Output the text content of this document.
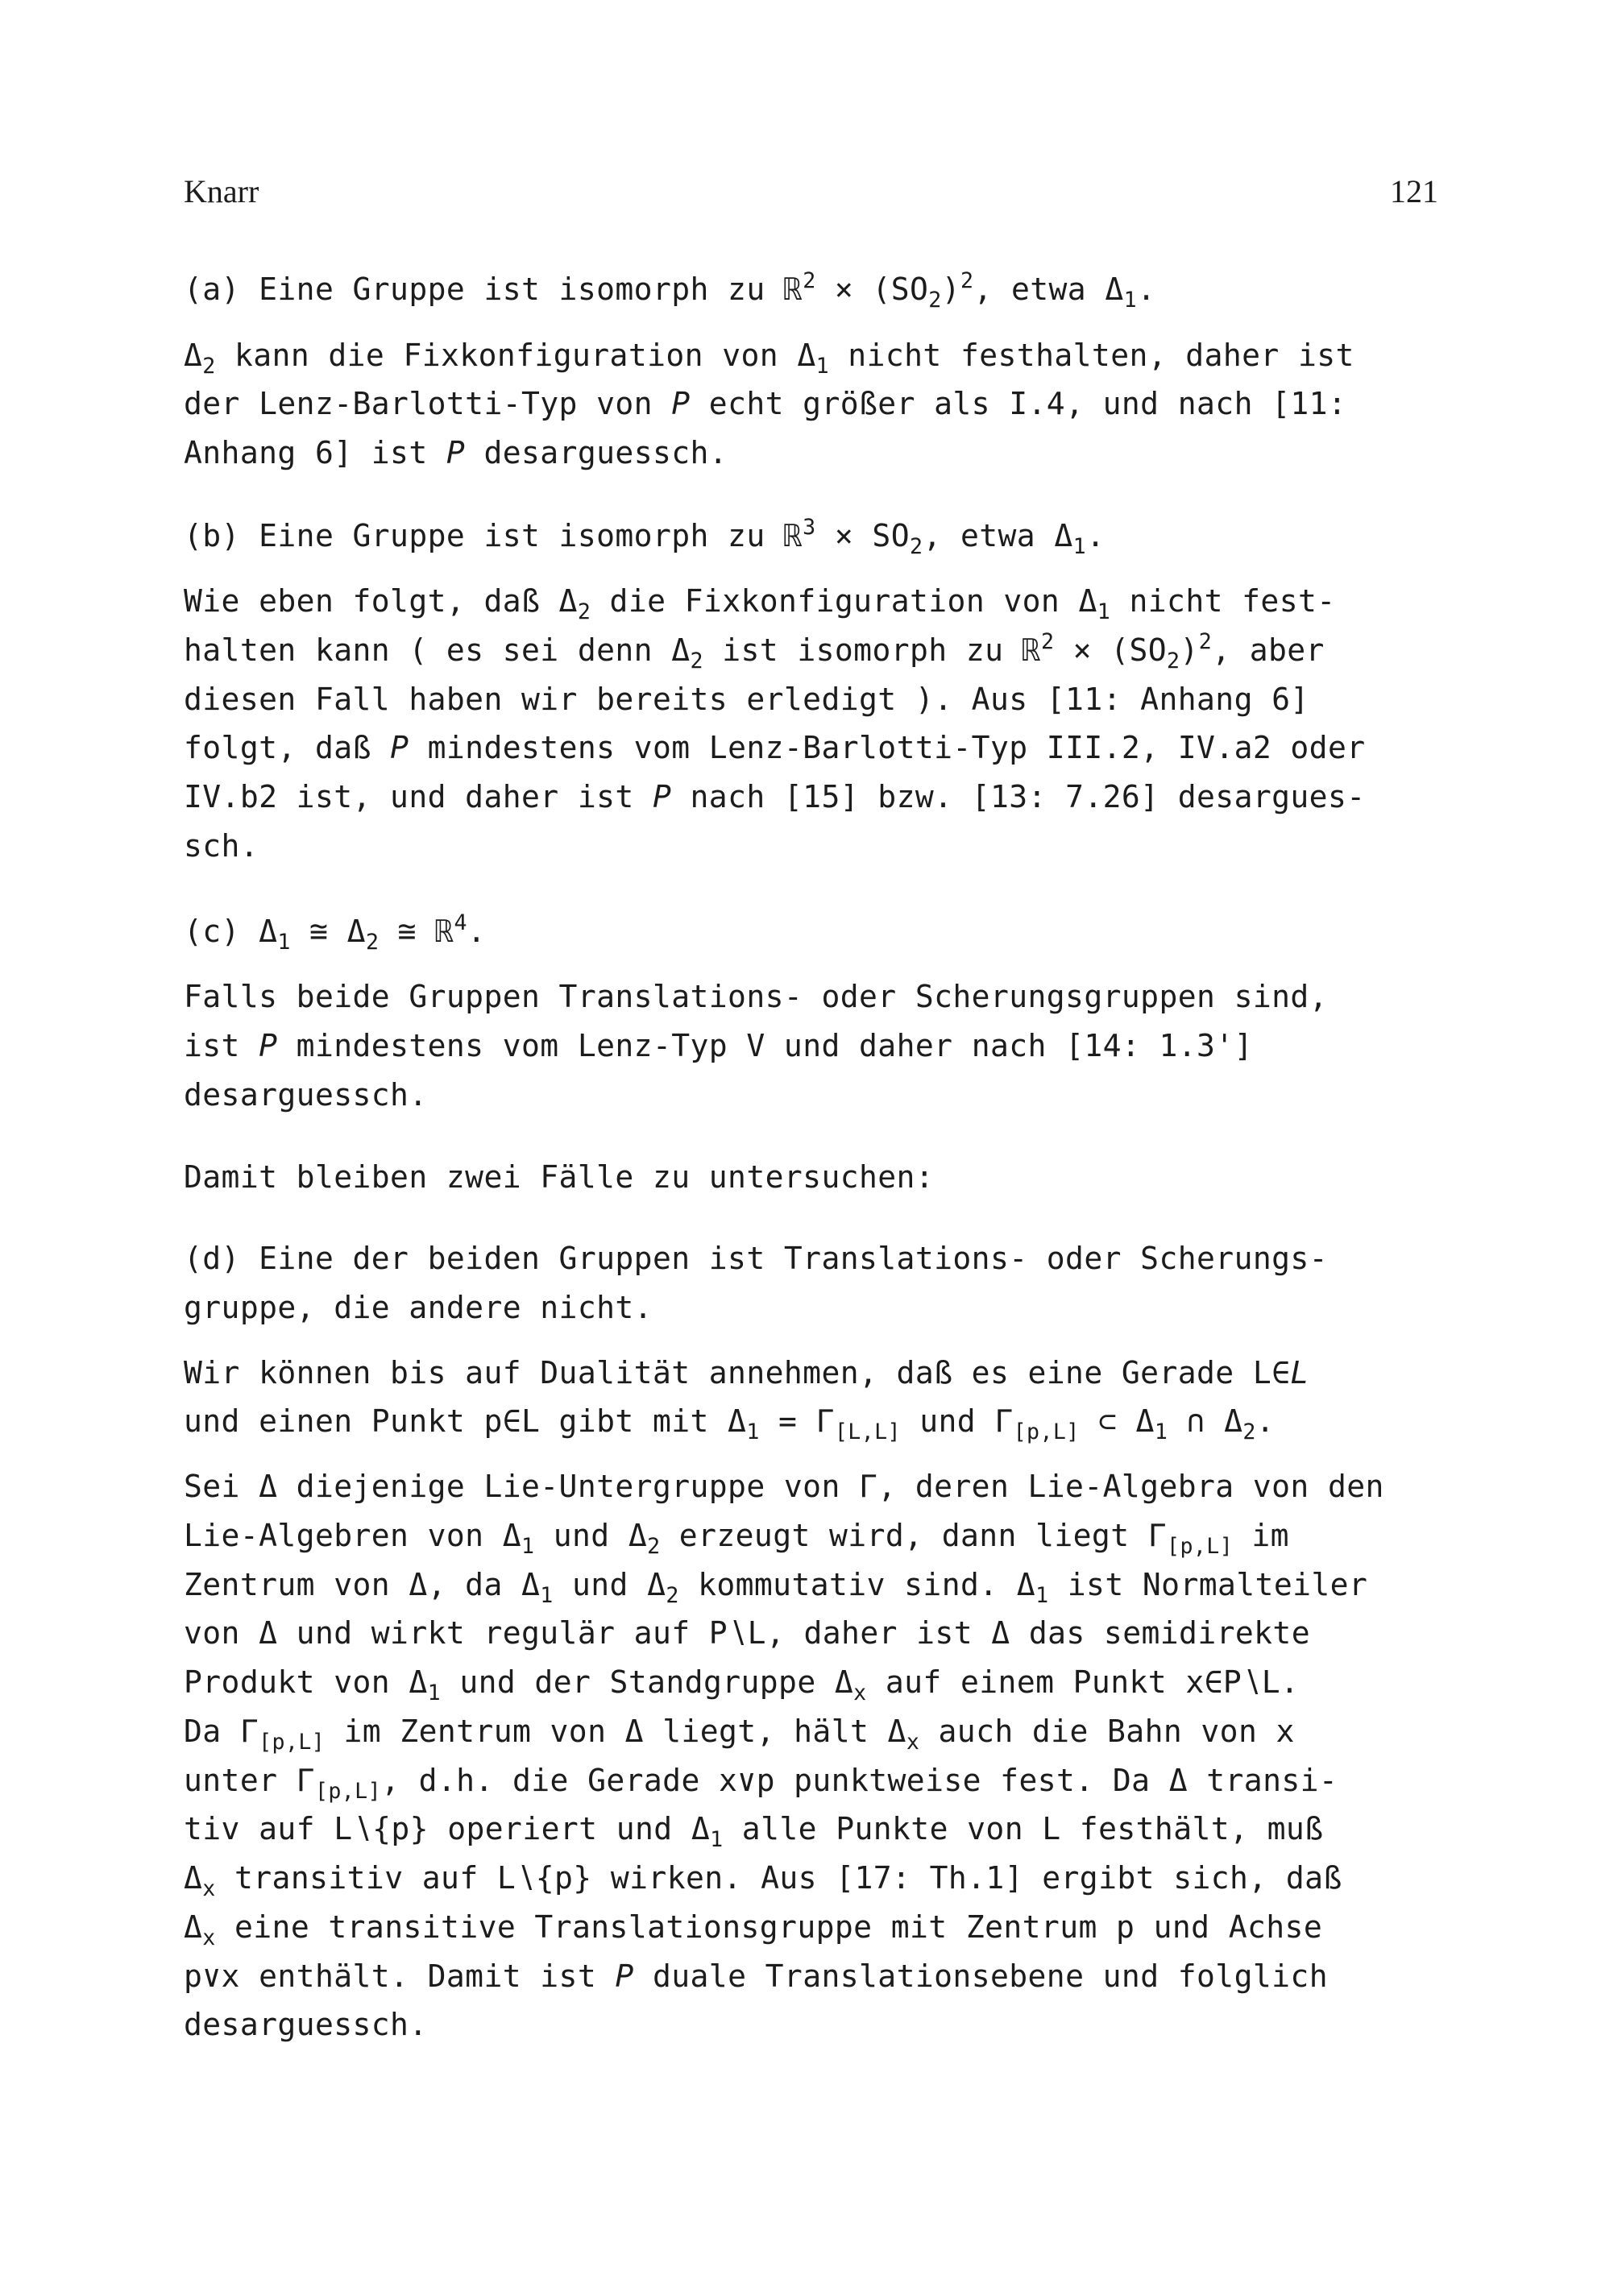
Knarr	121
(a) Eine Gruppe ist isomorph zu ℝ$^2$ × $(SO_2)^2$, etwa $\Delta_1$.
$\Delta_2$ kann die Fixkonfiguration von $\Delta_1$ nicht festhalten, daher ist
der Lenz-Barlotti-Typ von P echt größer als I.4, und nach [11:
Anhang 6] ist P desarguessch.
(b) Eine Gruppe ist isomorph zu ℝ$^3$ × $SO_2$, etwa $\Delta_1$.
Wie eben folgt, daß $\Delta_2$ die Fixkonfiguration von $\Delta_1$ nicht fest-
halten kann ( es sei denn $\Delta_2$ ist isomorph zu ℝ$^2$ × $(SO_2)^2$, aber
diesen Fall haben wir bereits erledigt ). Aus [11: Anhang 6]
folgt, daß P mindestens vom Lenz-Barlotti-Typ III.2, IV.a2 oder
IV.b2 ist, und daher ist P nach [15] bzw. [13: 7.26] desargues-
sch.
(c) $\Delta_1$ ≅ $\Delta_2$ ≅ ℝ$^4$.
Falls beide Gruppen Translations- oder Scherungsgruppen sind,
ist P mindestens vom Lenz-Typ V und daher nach [14: 1.3']
desarguessch.
Damit bleiben zwei Fälle zu untersuchen:
(d) Eine der beiden Gruppen ist Translations- oder Scherungs-
gruppe, die andere nicht.
Wir können bis auf Dualität annehmen, daß es eine Gerade L∈L
und einen Punkt p∈L gibt mit $\Delta_1 = \Gamma_{[L,L]}$ und $\Gamma_{[p,L]}$ ⊂ $\Delta_1$ ∩ $\Delta_2$.
Sei Δ diejenige Lie-Untergruppe von Γ, deren Lie-Algebra von den
Lie-Algebren von $\Delta_1$ und $\Delta_2$ erzeugt wird, dann liegt $\Gamma_{[p,L]}$ im
Zentrum von Δ, da $\Delta_1$ und $\Delta_2$ kommutativ sind. $\Delta_1$ ist Normalteiler
von Δ und wirkt regulär auf P∖L, daher ist Δ das semidirekte
Produkt von $\Delta_1$ und der Standgruppe $\Delta_x$ auf einem Punkt x∈P∖L.
Da $\Gamma_{[p,L]}$ im Zentrum von Δ liegt, hält $\Delta_x$ auch die Bahn von x
unter $\Gamma_{[p,L]}$, d.h. die Gerade x∨p punktweise fest. Da Δ transi-
tiv auf L∖{p} operiert und $\Delta_1$ alle Punkte von L festhält, muß
$\Delta_x$ transitiv auf L∖{p} wirken. Aus [17: Th.1] ergibt sich, daß
$\Delta_x$ eine transitive Translationsgruppe mit Zentrum p und Achse
p∨x enthält. Damit ist P duale Translationsebene und folglich
desarguessch.
